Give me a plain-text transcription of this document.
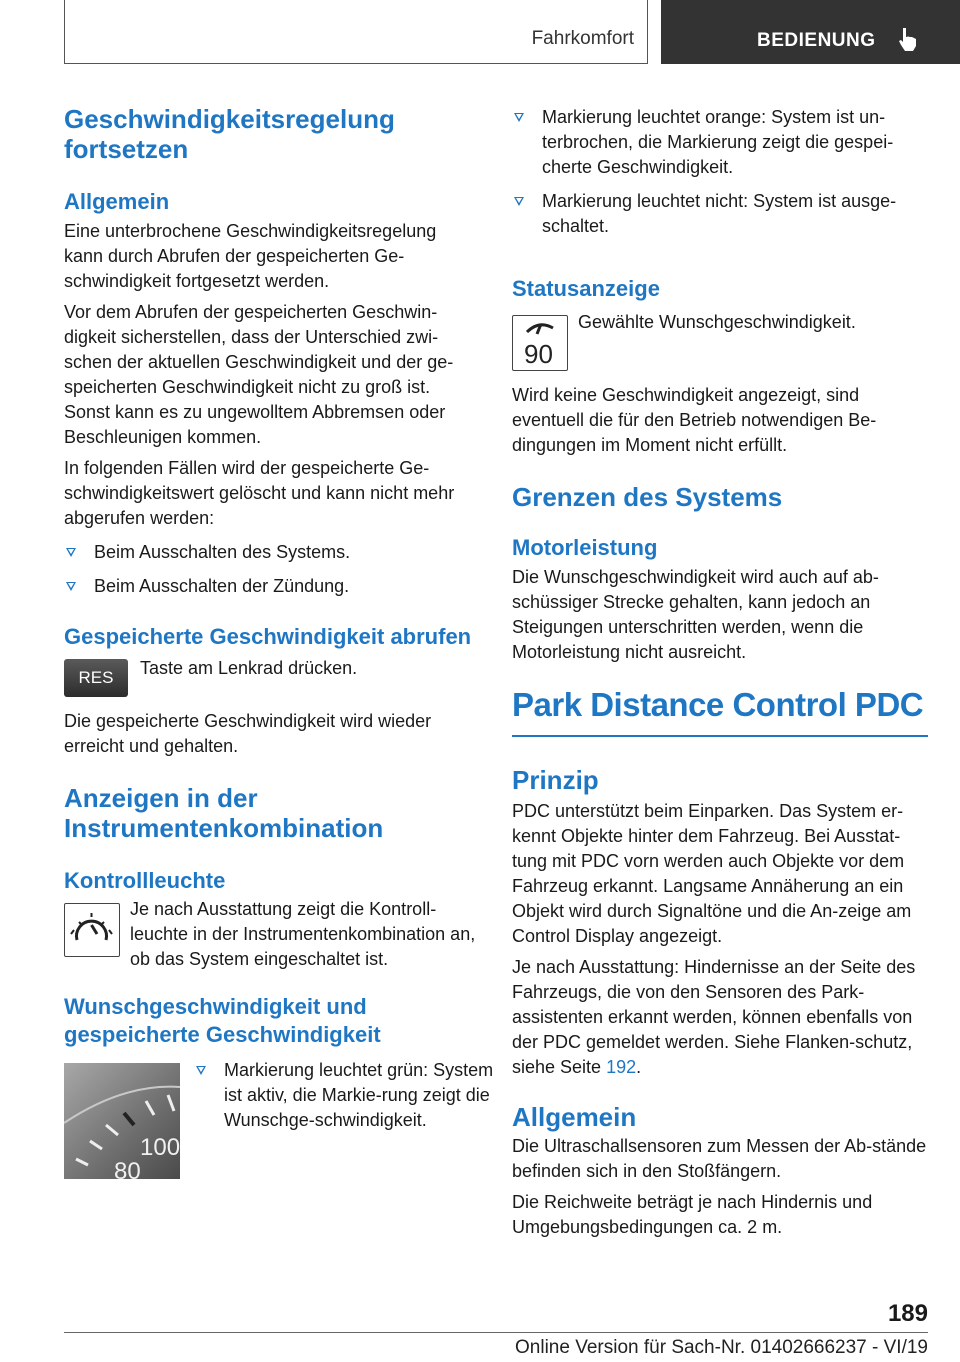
Fahrkomfort	BEDIENUNG
Geschwindigkeitsregelung fortsetzen
Allgemein

Eine unterbrochene Geschwindigkeitsregelung kann durch Abrufen der gespeicherten Ge‐schwindigkeit fortgesetzt werden.

Vor dem Abrufen der gespeicherten Geschwin‐digkeit sicherstellen, dass der Unterschied zwi‐schen der aktuellen Geschwindigkeit und der ge‐speicherten Geschwindigkeit nicht zu groß ist. Sonst kann es zu ungewolltem Abbremsen oder Beschleunigen kommen.

In folgenden Fällen wird der gespeicherte Ge‐schwindigkeitswert gelöscht und kann nicht mehr abgerufen werden:

Beim Ausschalten des Systems.
Beim Ausschalten der Zündung.
Gespeicherte Geschwindigkeit abrufen
RES	Taste am Lenkrad drücken.

Die gespeicherte Geschwindigkeit wird wieder erreicht und gehalten.

Anzeigen in der Instrumentenkombination
Kontrollleuchte

Je nach Ausstattung zeigt die Kontroll‐leuchte in der Instrumentenkombination an, ob das System eingeschaltet ist.

Wunschgeschwindigkeit und gespeicherte Geschwindigkeit
100
80
Markierung leuchtet grün: System ist aktiv, die Markie‐rung zeigt die Wunschge‐schwindigkeit.
Markierung leuchtet orange: System ist un‐terbrochen, die Markierung zeigt die gespei‐cherte Geschwindigkeit.
Markierung leuchtet nicht: System ist ausge‐schaltet.
Statusanzeige
90

Gewählte Wunschgeschwindigkeit.

Wird keine Geschwindigkeit angezeigt, sind eventuell die für den Betrieb notwendigen Be‐dingungen im Moment nicht erfüllt.

Grenzen des Systems
Motorleistung

Die Wunschgeschwindigkeit wird auch auf ab‐schüssiger Strecke gehalten, kann jedoch an Steigungen unterschritten werden, wenn die Motorleistung nicht ausreicht.

Park Distance Control PDC
Prinzip

PDC unterstützt beim Einparken. Das System er‐kennt Objekte hinter dem Fahrzeug. Bei Ausstat‐tung mit PDC vorn werden auch Objekte vor dem Fahrzeug erkannt. Langsame Annäherung an ein Objekt wird durch Signaltöne und die An‐zeige am Control Display angezeigt.

Je nach Ausstattung: Hindernisse an der Seite des Fahrzeugs, die von den Sensoren des Park‐assistenten erkannt werden, können ebenfalls von der PDC gemeldet werden. Siehe Flanken‐schutz, siehe Seite 192.

Allgemein

Die Ultraschallsensoren zum Messen der Ab‐stände befinden sich in den Stoßfängern.

Die Reichweite beträgt je nach Hindernis und Umgebungsbedingungen ca. 2 m.

189
Online Version für Sach-Nr. 01402666237 - VI/19
